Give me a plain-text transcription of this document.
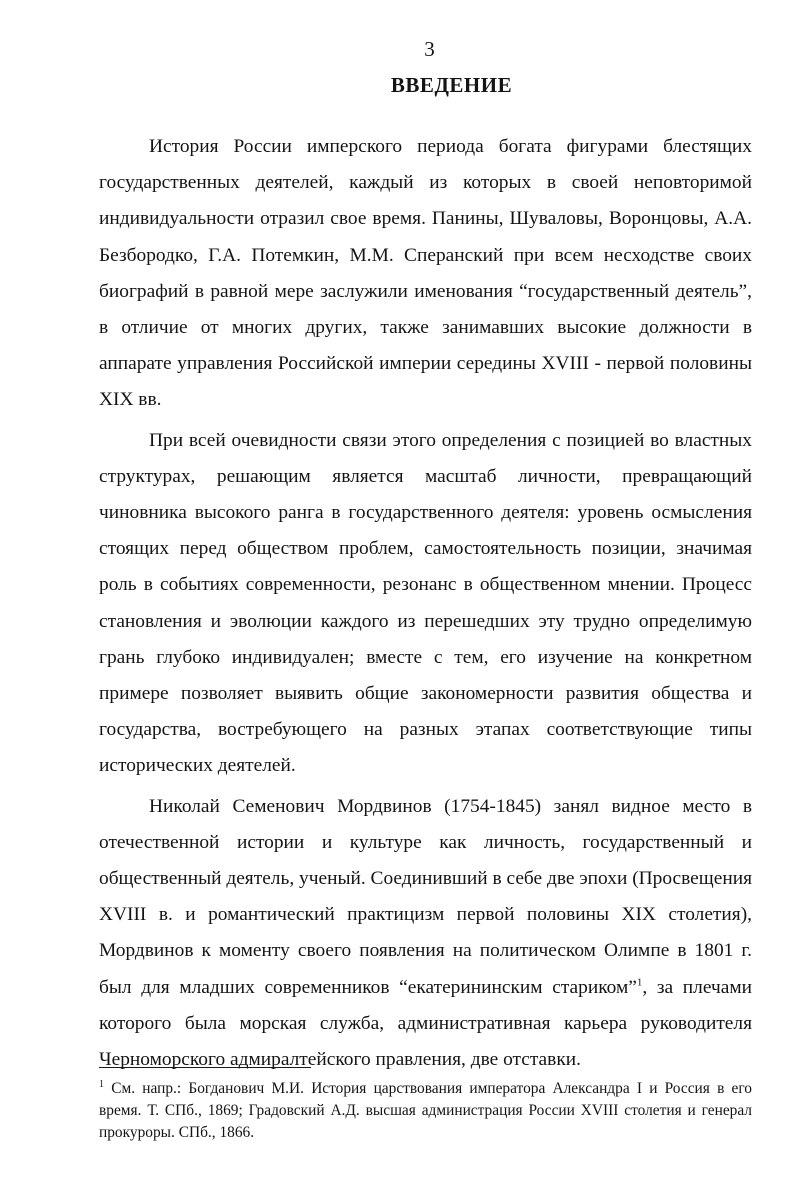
3
ВВЕДЕНИЕ

История России имперского периода богата фигурами блестящих государственных деятелей, каждый из которых в своей неповторимой индивидуальности отразил свое время. Панины, Шуваловы, Воронцовы, А.А. Безбородко, Г.А. Потемкин, М.М. Сперанский при всем несходстве своих биографий в равной мере заслужили именования “государственный деятель”, в отличие от многих других, также занимавших высокие должности в аппарате управления Российской империи середины XVIII - первой половины XIX вв.

При всей очевидности связи этого определения с позицией во властных структурах, решающим является масштаб личности, превращающий чиновника высокого ранга в государственного деятеля: уровень осмысления стоящих перед обществом проблем, самостоятельность позиции, значимая роль в событиях современности, резонанс в общественном мнении. Процесс становления и эволюции каждого из перешедших эту трудно определимую грань глубоко индивидуален; вместе с тем, его изучение на конкретном примере позволяет выявить общие закономерности развития общества и государства, востребующего на разных этапах соответствующие типы исторических деятелей.

Николай Семенович Мордвинов (1754-1845) занял видное место в отечественной истории и культуре как личность, государственный и общественный деятель, ученый. Соединивший в себе две эпохи (Просвещения XVIII в. и романтический практицизм первой половины XIX столетия), Мордвинов к моменту своего появления на политическом Олимпе в 1801 г. был для младших современников “екатерининским стариком”$^1$, за плечами которого была морская служба, административная карьера руководителя Черноморского адмиралтейского правления, две отставки.

$^1$ См. напр.: Богданович М.И. История царствования императора Александра I и Россия в его время. Т. СПб., 1869; Градовский А.Д. высшая администрация России XVIII столетия и генерал прокуроры. СПб., 1866.
